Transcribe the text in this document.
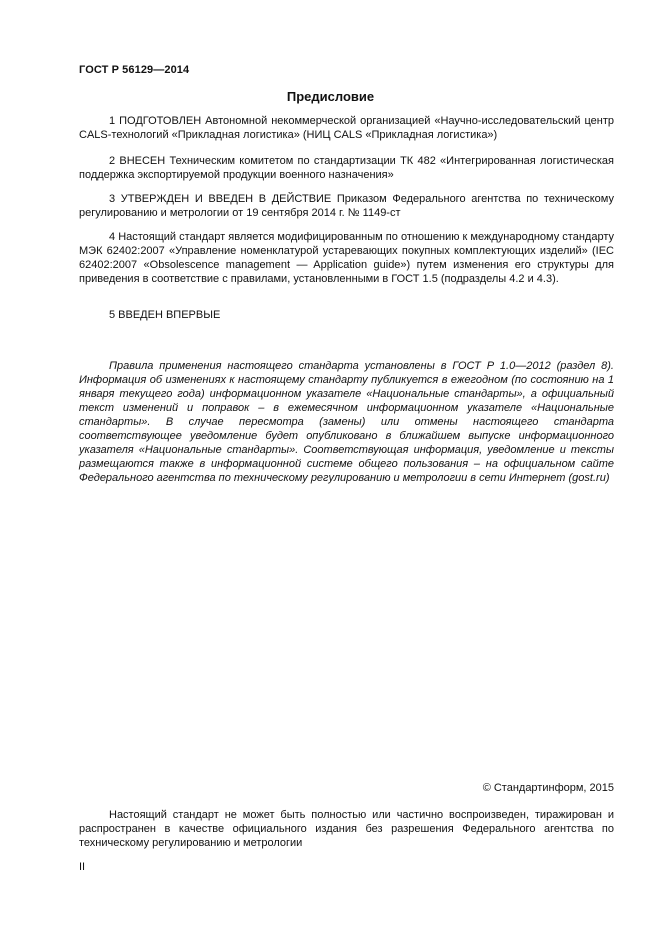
ГОСТ Р 56129—2014
Предисловие

1 ПОДГОТОВЛЕН Автономной некоммерческой организацией «Научно-исследовательский центр CALS-технологий «Прикладная логистика» (НИЦ CALS «Прикладная логистика»)

2 ВНЕСЕН Техническим комитетом по стандартизации ТК 482 «Интегрированная логистическая поддержка экспортируемой продукции военного назначения»

3 УТВЕРЖДЕН И ВВЕДЕН В ДЕЙСТВИЕ Приказом Федерального агентства по техническому регулированию и метрологии от 19 сентября 2014 г. № 1149-ст

4 Настоящий стандарт является модифицированным по отношению к международному стандарту МЭК 62402:2007 «Управление номенклатурой устаревающих покупных комплектующих изделий» (IEC 62402:2007 «Obsolescence management — Application guide») путем изменения его структуры для приведения в соответствие с правилами, установленными в ГОСТ 1.5 (подразделы 4.2 и 4.3).

5 ВВЕДЕН ВПЕРВЫЕ

Правила применения настоящего стандарта установлены в ГОСТ Р 1.0—2012 (раздел 8). Информация об изменениях к настоящему стандарту публикуется в ежегодном (по состоянию на 1 января текущего года) информационном указателе «Национальные стандарты», а официальный текст изменений и поправок – в ежемесячном информационном указателе «Национальные стандарты». В случае пересмотра (замены) или отмены настоящего стандарта соответствующее уведомление будет опубликовано в ближайшем выпуске информационного указателя «Национальные стандарты». Соответствующая информация, уведомление и тексты размещаются также в информационной системе общего пользования – на официальном сайте Федерального агентства по техническому регулированию и метрологии в сети Интернет (gost.ru)

© Стандартинформ, 2015

Настоящий стандарт не может быть полностью или частично воспроизведен, тиражирован и распространен в качестве официального издания без разрешения Федерального агентства по техническому регулированию и метрологии

II
